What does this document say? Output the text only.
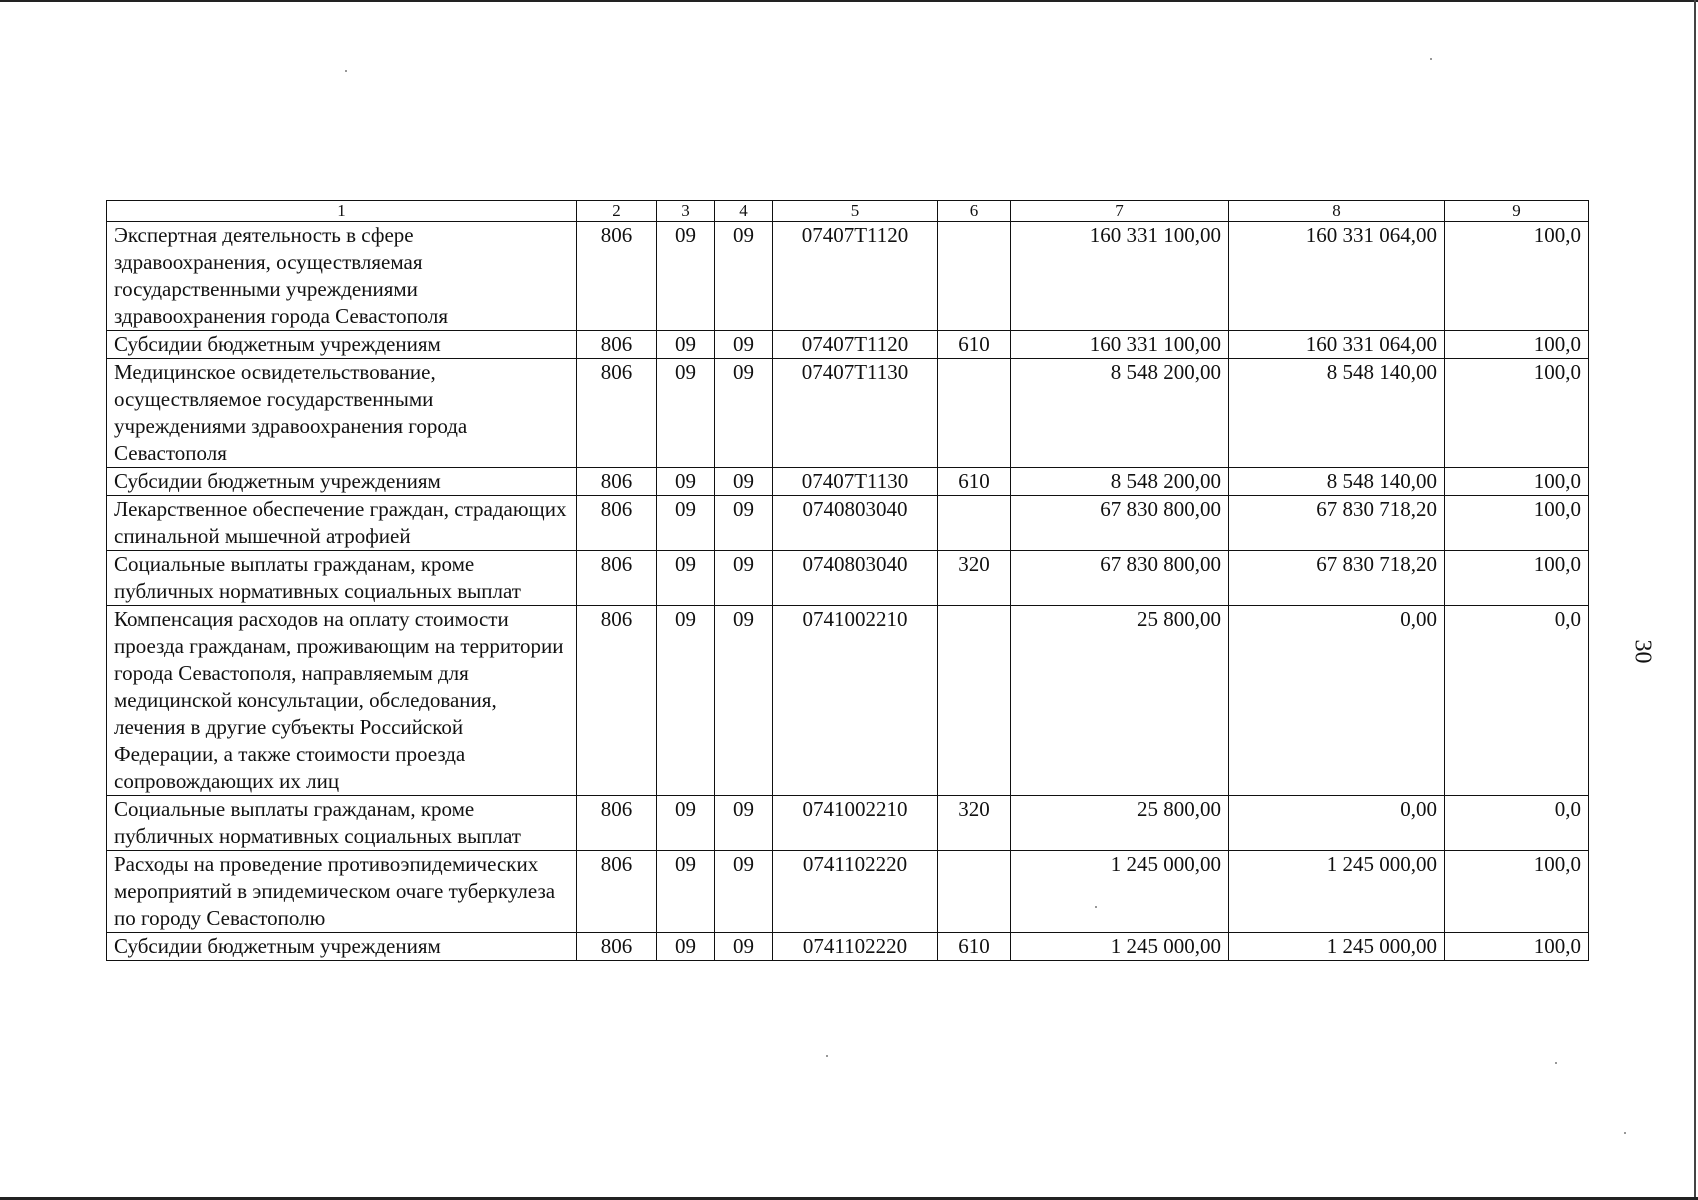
1	2	3	4	5	6	7	8	9
Экспертная деятельность в сфере здравоохранения, осуществляемая государственными учреждениями здравоохранения города Севастополя	806	09	09	07407Т1120		160 331 100,00	160 331 064,00	100,0
Субсидии бюджетным учреждениям	806	09	09	07407Т1120	610	160 331 100,00	160 331 064,00	100,0
Медицинское освидетельствование, осуществляемое государственными учреждениями здравоохранения города Севастополя	806	09	09	07407Т1130		8 548 200,00	8 548 140,00	100,0
Субсидии бюджетным учреждениям	806	09	09	07407Т1130	610	8 548 200,00	8 548 140,00	100,0
Лекарственное обеспечение граждан, страдающих спинальной мышечной атрофией	806	09	09	0740803040		67 830 800,00	67 830 718,20	100,0
Социальные выплаты гражданам, кроме публичных нормативных социальных выплат	806	09	09	0740803040	320	67 830 800,00	67 830 718,20	100,0
Компенсация расходов на оплату стоимости проезда гражданам, проживающим на территории города Севастополя, направляемым для медицинской консультации, обследования, лечения в другие субъекты Российской Федерации, а также стоимости проезда сопровождающих их лиц	806	09	09	0741002210		25 800,00	0,00	0,0
Социальные выплаты гражданам, кроме публичных нормативных социальных выплат	806	09	09	0741002210	320	25 800,00	0,00	0,0
Расходы на проведение противоэпидемических мероприятий в эпидемическом очаге туберкулеза по городу Севастополю	806	09	09	0741102220		1 245 000,00	1 245 000,00	100,0
Субсидии бюджетным учреждениям	806	09	09	0741102220	610	1 245 000,00	1 245 000,00	100,0
30
